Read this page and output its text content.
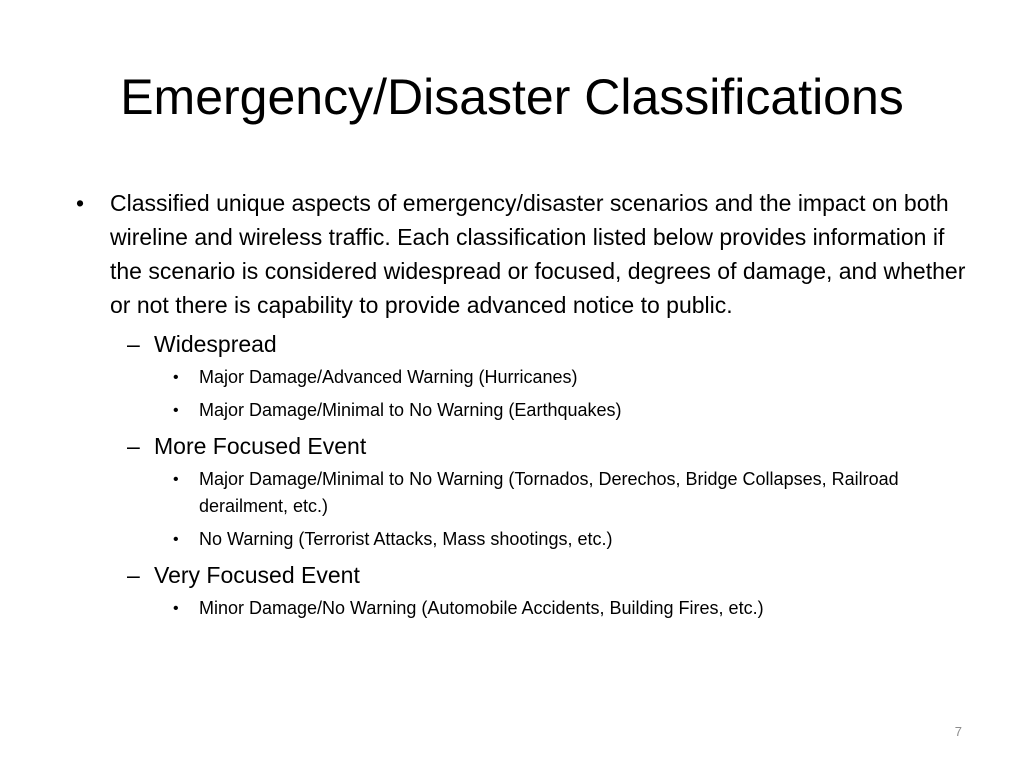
Emergency/Disaster Classifications
• Classified unique aspects of emergency/disaster scenarios and the impact on both wireline and wireless traffic. Each classification listed below provides information if the scenario is considered widespread or focused, degrees of damage, and whether or not there is capability to provide advanced notice to public.
– Widespread
• Major Damage/Advanced Warning (Hurricanes)
• Major Damage/Minimal to No Warning (Earthquakes)
– More Focused Event
• Major Damage/Minimal to No Warning (Tornados, Derechos, Bridge Collapses, Railroad derailment, etc.)
• No Warning (Terrorist Attacks, Mass shootings, etc.)
– Very Focused Event
• Minor Damage/No Warning (Automobile Accidents, Building Fires, etc.)
7
